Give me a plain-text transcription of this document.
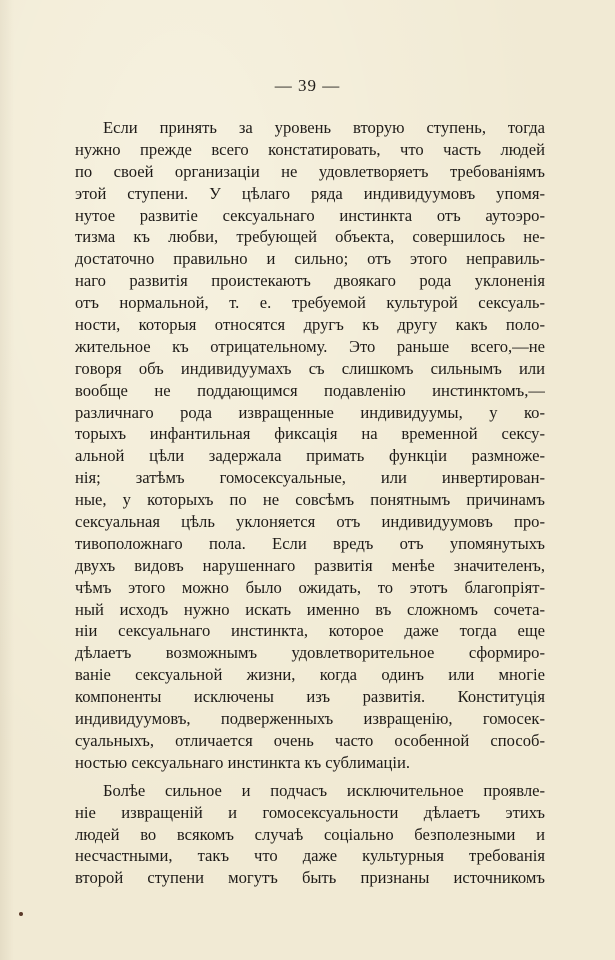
— 39 —
Если принять за уровень вторую ступень, тогда
нужно прежде всего констатировать, что часть людей
по своей организаціи не удовлетворяетъ требованіямъ
этой ступени. У цѣлаго ряда индивидуумовъ упомя-
нутое развитіе сексуальнаго инстинкта отъ аутоэро-
тизма къ любви, требующей объекта, совершилось не-
достаточно правильно и сильно; отъ этого неправиль-
наго развитія проистекаютъ двоякаго рода уклоненія
отъ нормальной, т. е. требуемой культурой сексуаль-
ности, которыя относятся другъ къ другу какъ поло-
жительное къ отрицательному. Это раньше всего,—не
говоря объ индивидуумахъ съ слишкомъ сильнымъ или
вообще не поддающимся подавленію инстинктомъ,—
различнаго рода извращенные индивидуумы, у ко-
торыхъ инфантильная фиксація на временной сексу-
альной цѣли задержала примать функціи размноже-
нія; затѣмъ гомосексуальные, или инвертирован-
ные, у которыхъ по не совсѣмъ понятнымъ причинамъ
сексуальная цѣль уклоняется отъ индивидуумовъ про-
тивоположнаго пола. Если вредъ отъ упомянутыхъ
двухъ видовъ нарушеннаго развитія менѣе значителенъ,
чѣмъ этого можно было ожидать, то этотъ благопріят-
ный исходъ нужно искать именно въ сложномъ сочета-
ніи сексуальнаго инстинкта, которое даже тогда еще
дѣлаетъ возможнымъ удовлетворительное сформиро-
ваніе сексуальной жизни, когда одинъ или многіе
компоненты исключены изъ развитія. Конституція
индивидуумовъ, подверженныхъ извращенію, гомосек-
суальныхъ, отличается очень часто особенной способ-
ностью сексуальнаго инстинкта къ сублимаціи.
Болѣе сильное и подчасъ исключительное проявле-
ніе извращеній и гомосексуальности дѣлаетъ этихъ
людей во всякомъ случаѣ соціально безполезными и
несчастными, такъ что даже культурныя требованія
второй ступени могутъ быть признаны источникомъ
